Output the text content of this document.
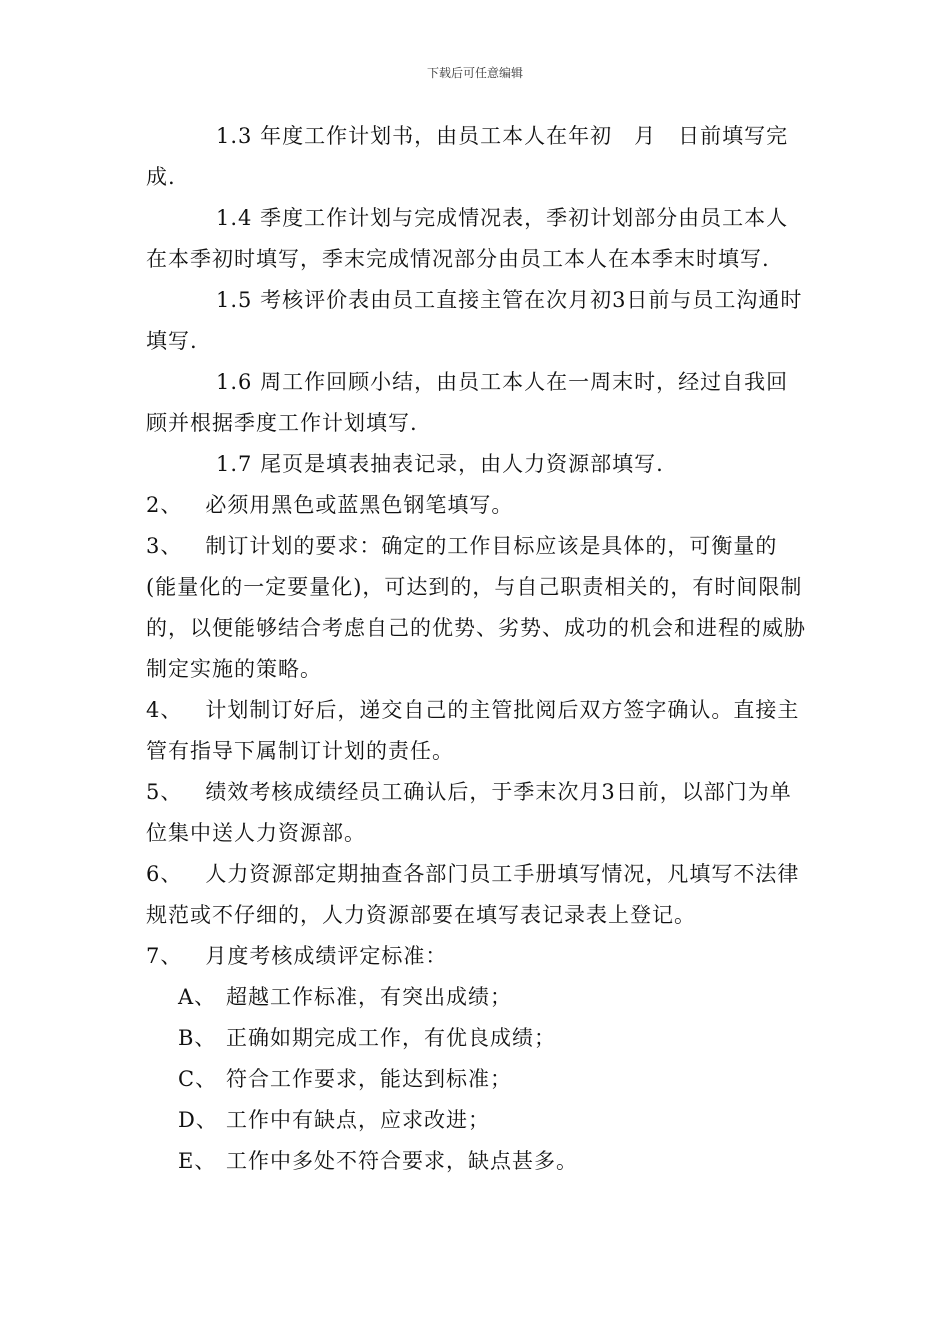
下载后可任意编辑

1.3 年度工作计划书，由员工本人在年初　月　日前填写完成.

1.4 季度工作计划与完成情况表，季初计划部分由员工本人在本季初时填写，季末完成情况部分由员工本人在本季末时填写.

1.5 考核评价表由员工直接主管在次月初3日前与员工沟通时填写.

1.6 周工作回顾小结，由员工本人在一周末时，经过自我回顾并根据季度工作计划填写.

1.7 尾页是填表抽表记录，由人力资源部填写.

2、 必须用黑色或蓝黑色钢笔填写。

3、 制订计划的要求：确定的工作目标应该是具体的，可衡量的(能量化的一定要量化)，可达到的，与自己职责相关的，有时间限制的，以便能够结合考虑自己的优势、劣势、成功的机会和进程的威胁制定实施的策略。

4、 计划制订好后，递交自己的主管批阅后双方签字确认。直接主管有指导下属制订计划的责任。

5、 绩效考核成绩经员工确认后，于季末次月3日前，以部门为单位集中送人力资源部。

6、 人力资源部定期抽查各部门员工手册填写情况，凡填写不法律规范或不仔细的，人力资源部要在填写表记录表上登记。

7、 月度考核成绩评定标准：

A、 超越工作标准，有突出成绩；
B、 正确如期完成工作，有优良成绩；
C、 符合工作要求，能达到标准；
D、 工作中有缺点，应求改进；
E、 工作中多处不符合要求，缺点甚多。
